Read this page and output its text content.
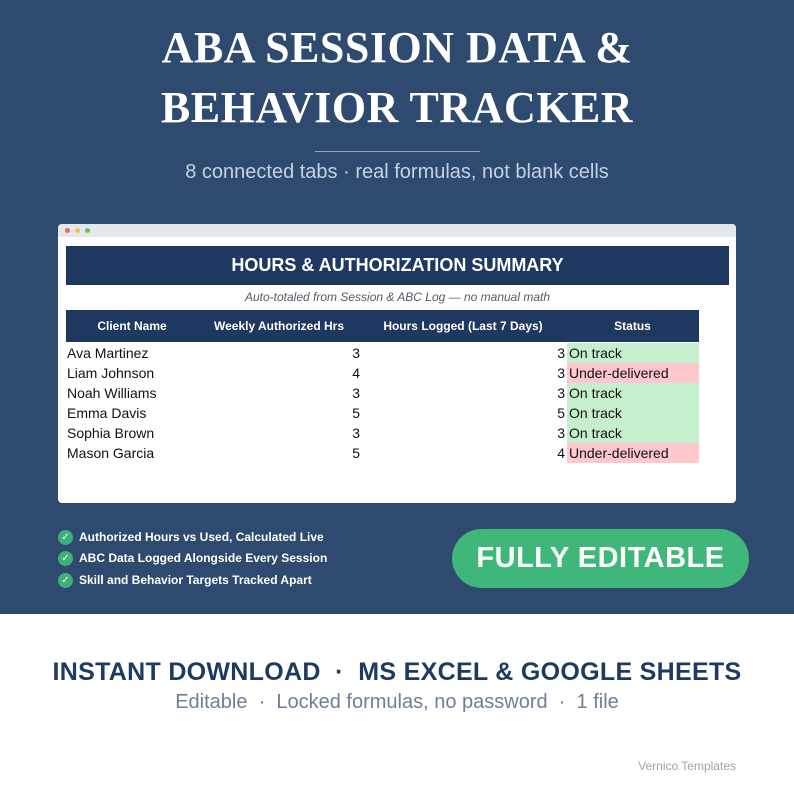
ABA SESSION DATA &
BEHAVIOR TRACKER
8 connected tabs · real formulas, not blank cells
HOURS & AUTHORIZATION SUMMARY
Auto-totaled from Session & ABC Log — no manual math
Client Name	Weekly Authorized Hrs	Hours Logged (Last 7 Days)	Status
Ava Martinez	3	3 On track
Liam Johnson	4	3 Under-delivered
Noah Williams	3	3 On track
Emma Davis	5	5 On track
Sophia Brown	3	3 On track
Mason Garcia	5	4 Under-delivered
✓ Authorized Hours vs Used, Calculated Live
✓ ABC Data Logged Alongside Every Session
✓ Skill and Behavior Targets Tracked Apart
FULLY EDITABLE
INSTANT DOWNLOAD  ·  MS EXCEL & GOOGLE SHEETS
Editable  ·  Locked formulas, no password  ·  1 file
Vernico Templates
